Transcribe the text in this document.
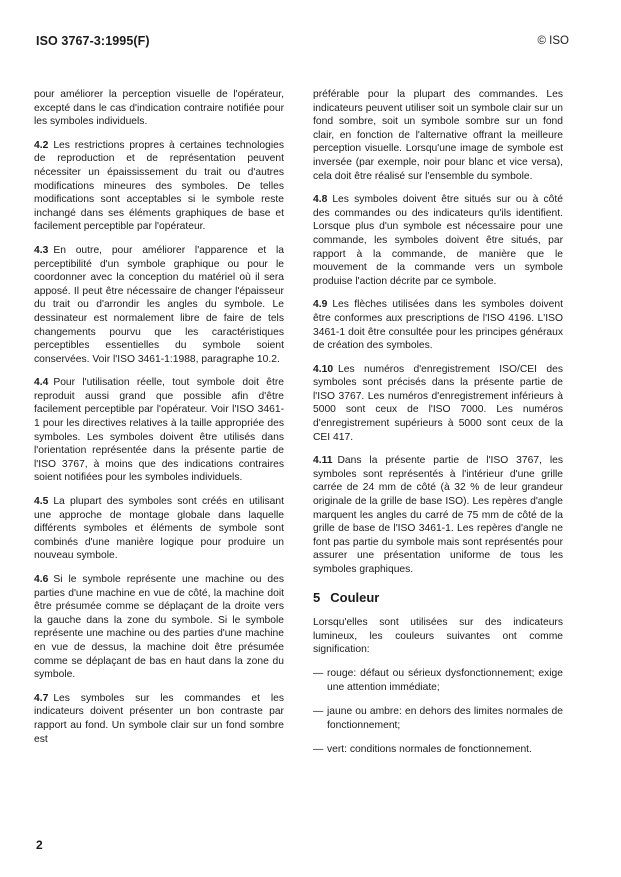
ISO 3767-3:1995(F)	© ISO

pour améliorer la perception visuelle de l'opérateur, excepté dans le cas d'indication contraire notifiée pour les symboles individuels.

4.2 Les restrictions propres à certaines technologies de reproduction et de représentation peuvent nécessiter un épaississement du trait ou d'autres modifications mineures des symboles. De telles modifications sont acceptables si le symbole reste inchangé dans ses éléments graphiques de base et facilement perceptible par l'opérateur.

4.3 En outre, pour améliorer l'apparence et la perceptibilité d'un symbole graphique ou pour le coordonner avec la conception du matériel où il sera apposé. Il peut être nécessaire de changer l'épaisseur du trait ou d'arrondir les angles du symbole. Le dessinateur est normalement libre de faire de tels changements pourvu que les caractéristiques perceptibles essentielles du symbole soient conservées. Voir l'ISO 3461-1:1988, paragraphe 10.2.

4.4 Pour l'utilisation réelle, tout symbole doit être reproduit aussi grand que possible afin d'être facilement perceptible par l'opérateur. Voir l'ISO 3461-1 pour les directives relatives à la taille appropriée des symboles. Les symboles doivent être utilisés dans l'orientation représentée dans la présente partie de l'ISO 3767, à moins que des indications contraires soient notifiées pour les symboles individuels.

4.5 La plupart des symboles sont créés en utilisant une approche de montage globale dans laquelle différents symboles et éléments de symbole sont combinés d'une manière logique pour produire un nouveau symbole.

4.6 Si le symbole représente une machine ou des parties d'une machine en vue de côté, la machine doit être présumée comme se déplaçant de la droite vers la gauche dans la zone du symbole. Si le symbole représente une machine ou des parties d'une machine en vue de dessus, la machine doit être présumée comme se déplaçant de bas en haut dans la zone du symbole.

4.7 Les symboles sur les commandes et les indicateurs doivent présenter un bon contraste par rapport au fond. Un symbole clair sur un fond sombre est

préférable pour la plupart des commandes. Les indicateurs peuvent utiliser soit un symbole clair sur un fond sombre, soit un symbole sombre sur un fond clair, en fonction de l'alternative offrant la meilleure perception visuelle. Lorsqu'une image de symbole est inversée (par exemple, noir pour blanc et vice versa), cela doit être réalisé sur l'ensemble du symbole.

4.8 Les symboles doivent être situés sur ou à côté des commandes ou des indicateurs qu'ils identifient. Lorsque plus d'un symbole est nécessaire pour une commande, les symboles doivent être situés, par rapport à la commande, de manière que le mouvement de la commande vers un symbole produise l'action décrite par ce symbole.

4.9 Les flèches utilisées dans les symboles doivent être conformes aux prescriptions de l'ISO 4196. L'ISO 3461-1 doit être consultée pour les principes généraux de création des symboles.

4.10 Les numéros d'enregistrement ISO/CEI des symboles sont précisés dans la présente partie de l'ISO 3767. Les numéros d'enregistrement inférieurs à 5000 sont ceux de l'ISO 7000. Les numéros d'enregistrement supérieurs à 5000 sont ceux de la CEI 417.

4.11 Dans la présente partie de l'ISO 3767, les symboles sont représentés à l'intérieur d'une grille carrée de 24 mm de côté (à 32 % de leur grandeur originale de la grille de base ISO). Les repères d'angle marquent les angles du carré de 75 mm de côté de la grille de base de l'ISO 3461-1. Les repères d'angle ne font pas partie du symbole mais sont représentés pour assurer une présentation uniforme de tous les symboles graphiques.

5 Couleur

Lorsqu'elles sont utilisées sur des indicateurs lumineux, les couleurs suivantes ont comme signification:

— rouge: défaut ou sérieux dysfonctionnement; exige une attention immédiate;
— jaune ou ambre: en dehors des limites normales de fonctionnement;
— vert: conditions normales de fonctionnement.
2
